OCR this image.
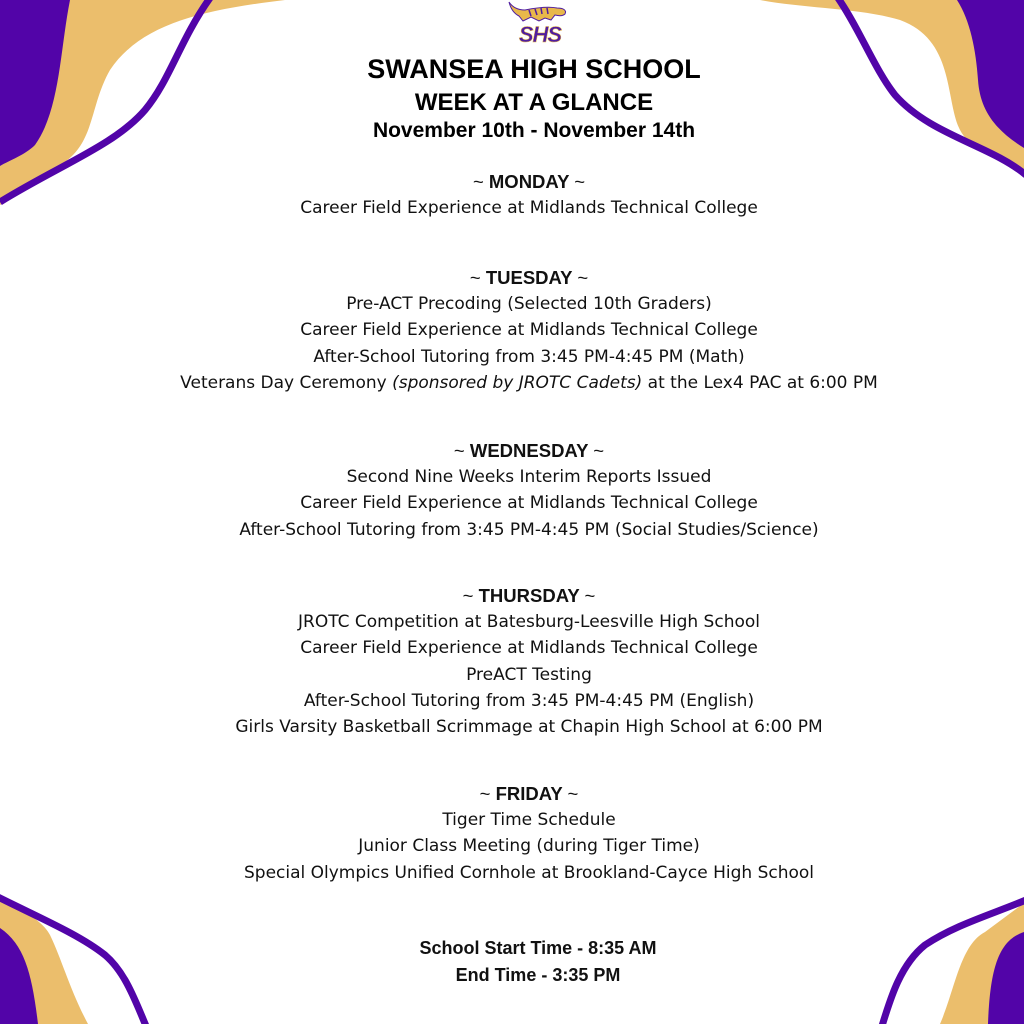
SHS
SWANSEA HIGH SCHOOL
WEEK AT A GLANCE
November 10th - November 14th
~ MONDAY ~
Career Field Experience at Midlands Technical College
~ TUESDAY ~
Pre-ACT Precoding (Selected 10th Graders)
Career Field Experience at Midlands Technical College
After-School Tutoring from 3:45 PM-4:45 PM (Math)
Veterans Day Ceremony (sponsored by JROTC Cadets) at the Lex4 PAC at 6:00 PM
~ WEDNESDAY ~
Second Nine Weeks Interim Reports Issued
Career Field Experience at Midlands Technical College
After-School Tutoring from 3:45 PM-4:45 PM (Social Studies/Science)
~ THURSDAY ~
JROTC Competition at Batesburg-Leesville High School
Career Field Experience at Midlands Technical College
PreACT Testing
After-School Tutoring from 3:45 PM-4:45 PM (English)
Girls Varsity Basketball Scrimmage at Chapin High School at 6:00 PM
~ FRIDAY ~
Tiger Time Schedule
Junior Class Meeting (during Tiger Time)
Special Olympics Unified Cornhole at Brookland-Cayce High School
School Start Time - 8:35 AM
End Time - 3:35 PM
